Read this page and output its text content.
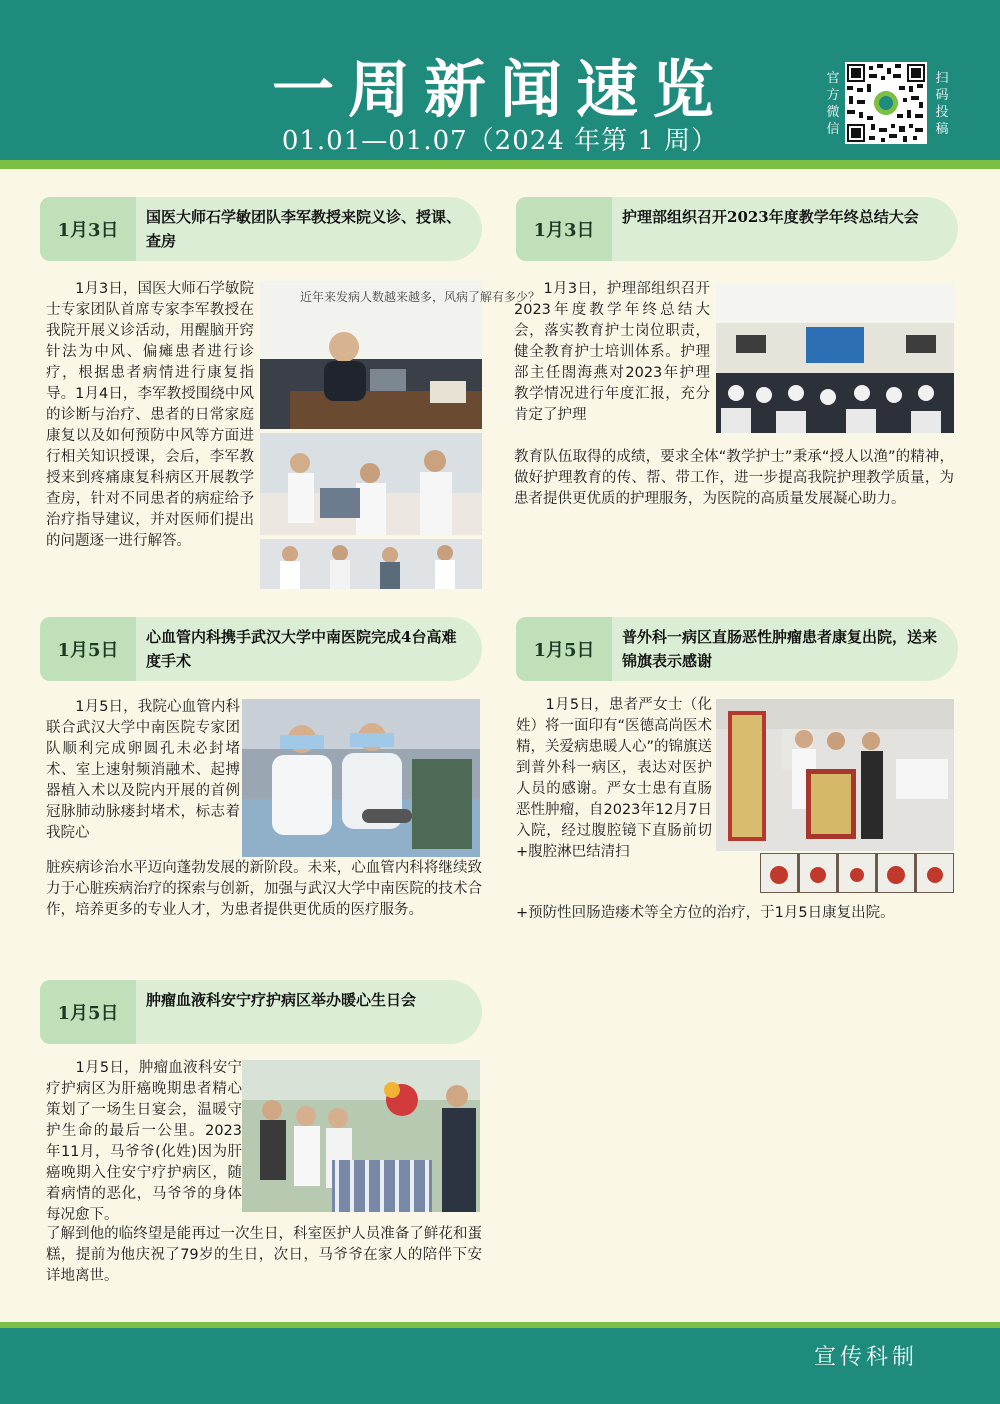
一周新闻速览
01.01—01.07（2024 年第 1 周）
官方微信
扫码投稿
1月3日
国医大师石学敏团队李军教授来院义诊、授课、查房
　　1月3日，国医大师石学敏院士专家团队首席专家李军教授在我院开展义诊活动，用醒脑开窍针法为中风、偏瘫患者进行诊疗，根据患者病情进行康复指导。1月4日，李军教授围绕中风的诊断与治疗、患者的日常家庭康复以及如何预防中风等方面进行相关知识授课，会后，李军教授来到疼痛康复科病区开展教学查房，针对不同患者的病症给予治疗指导建议，并对医师们提出的问题逐一进行解答。
近年来发病人数越来越多，风病了解有多少？
1月3日
护理部组织召开2023年度教学年终总结大会
　　1月3日，护理部组织召开2023年度教学年终总结大会，落实教育护士岗位职责，健全教育护士培训体系。护理部主任閤海燕对2023年护理教学情况进行年度汇报，充分肯定了护理
教育队伍取得的成绩，要求全体“教学护士”秉承“授人以渔”的精神，做好护理教育的传、帮、带工作，进一步提高我院护理教学质量，为患者提供更优质的护理服务，为医院的高质量发展凝心助力。
1月5日
心血管内科携手武汉大学中南医院完成4台高难度手术
　　1月5日，我院心血管内科联合武汉大学中南医院专家团队顺利完成卵圆孔未必封堵术、室上速射频消融术、起搏器植入术以及院内开展的首例冠脉肺动脉瘘封堵术，标志着我院心
脏疾病诊治水平迈向蓬勃发展的新阶段。未来，心血管内科将继续致力于心脏疾病治疗的探索与创新，加强与武汉大学中南医院的技术合作，培养更多的专业人才，为患者提供更优质的医疗服务。
1月5日
普外科一病区直肠恶性肿瘤患者康复出院，送来锦旗表示感谢
　　1月5日，患者严女士（化姓）将一面印有“医德高尚医术精，关爱病患暖人心”的锦旗送到普外科一病区，表达对医护人员的感谢。严女士患有直肠恶性肿瘤，自2023年12月7日入院，经过腹腔镜下直肠前切+腹腔淋巴结清扫
+预防性回肠造瘘术等全方位的治疗，于1月5日康复出院。
1月5日
肿瘤血液科安宁疗护病区举办暖心生日会
　　1月5日，肿瘤血液科安宁疗护病区为肝癌晚期患者精心策划了一场生日宴会，温暖守护生命的最后一公里。2023年11月，马爷爷(化姓)因为肝癌晚期入住安宁疗护病区，随着病情的恶化，马爷爷的身体每况愈下。
了解到他的临终望是能再过一次生日，科室医护人员准备了鲜花和蛋糕，提前为他庆祝了79岁的生日，次日，马爷爷在家人的陪伴下安详地离世。
宣传科制
